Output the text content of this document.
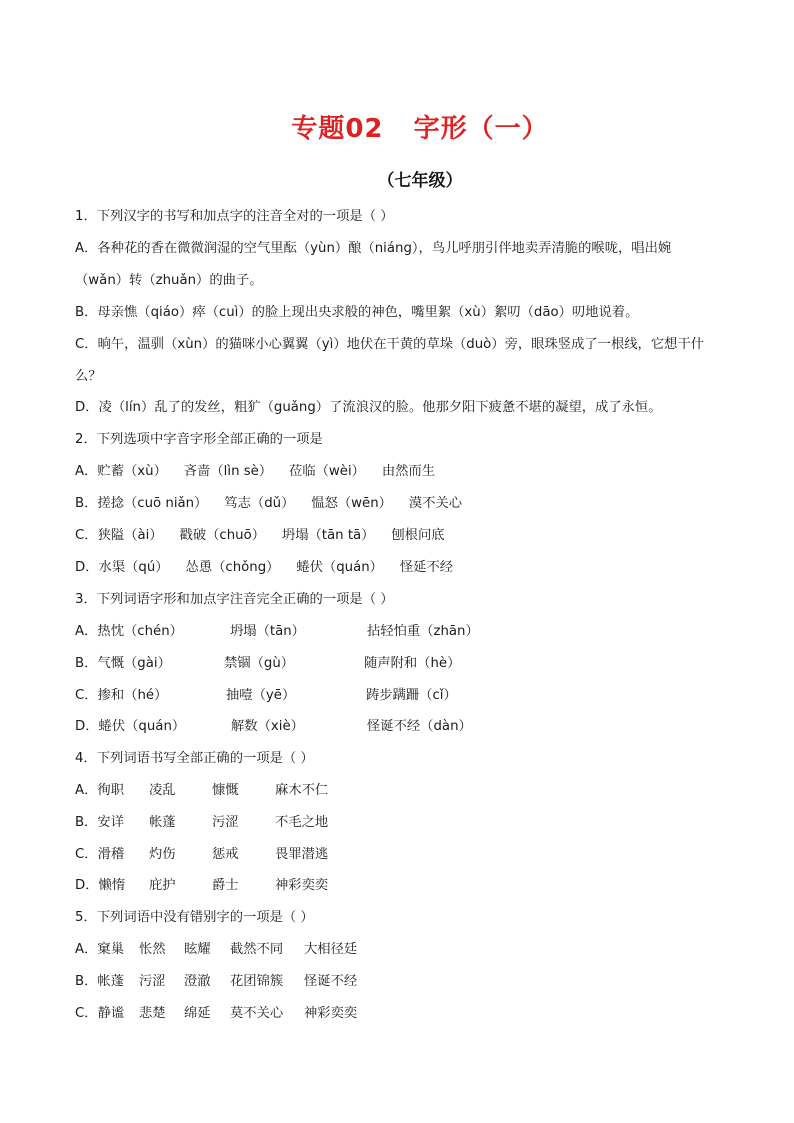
专题02   字形（一）
（七年级）
1．下列汉字的书写和加点字的注音全对的一项是（ ）
A．各种花的香在微微润湿的空气里酝（yùn）酿（niáng），鸟儿呼朋引伴地卖弄清脆的喉咙，唱出婉
（wǎn）转（zhuǎn）的曲子。
B．母亲憔（qiáo）瘁（cuì）的脸上现出央求般的神色，嘴里絮（xù）絮叨（dāo）叨地说着。
C．晌午，温驯（xùn）的猫咪小心翼翼（yì）地伏在干黄的草垛（duò）旁，眼珠竖成了一根线，它想干什
么？
D．凌（lín）乱了的发丝，粗犷（guǎng）了流浪汉的脸。他那夕阳下疲惫不堪的凝望，成了永恒。
2．下列选项中字音字形全部正确的一项是
A．贮蓄（xù）    吝啬（lìn sè）    莅临（wèi）    由然而生
B．搓捻（cuō niǎn）    笃志（dǔ）    愠怒（wēn）    漠不关心
C．狭隘（ài）    戳破（chuō）    坍塌（tān tā）    刨根问底
D．水渠（qú）    怂恿（chǒng）    蜷伏（quán）    怪延不经
3．下列词语字形和加点字注音完全正确的一项是（ ）
A．热忱（chén）	坍塌（tān）	拈轻怕重（zhān）
B．气慨（gài）	禁锢（gù）	随声附和（hè）
C．掺和（hé）	抽噎（yē）	踌步蹒跚（cǐ）
D．蜷伏（quán）	解数（xiè）	怪诞不经（dàn）
4．下列词语书写全部正确的一项是（ ）
A．徇职 凌乱	慷慨	麻木不仁
B．安详 帐蓬	污涩	不毛之地
C．滑稽 灼伤	惩戒	畏罪潜逃
D．懒惰 庇护	爵士	神彩奕奕
5．下列词语中没有错别字的一项是（ ）
A．窠巢 怅然 眩耀 截然不同 大相径廷
B．帐蓬 污涩 澄澈 花团锦簇 怪诞不经
C．静谧 悲楚 绵延 莫不关心 神彩奕奕
